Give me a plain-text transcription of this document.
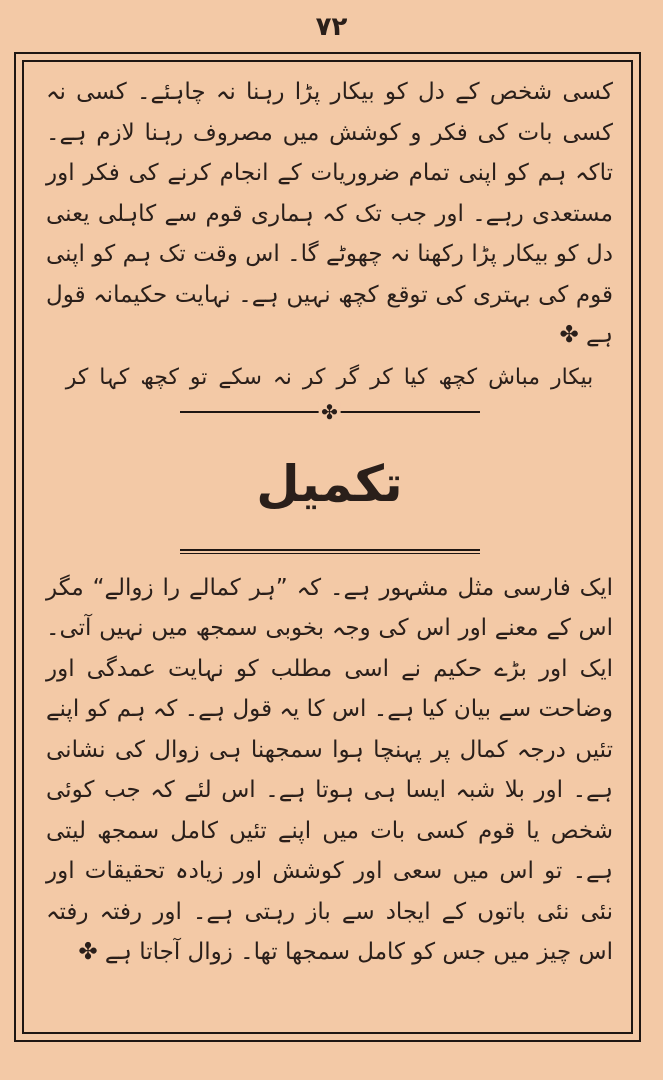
۷۲

کسی شخص کے دل کو بیکار پڑا رہنا نہ چاہئے۔ کسی نہ کسی بات کی فکر و کوشش میں مصروف رہنا لازم ہے۔ تاکہ ہم کو اپنی تمام ضروریات کے انجام کرنے کی فکر اور مستعدی رہے۔ اور جب تک کہ ہماری قوم سے کاہلی یعنی دل کو بیکار پڑا رکھنا نہ چھوٹے گا۔ اس وقت تک ہم کو اپنی قوم کی بہتری کی توقع کچھ نہیں ہے۔ نہایت حکیمانہ قول ہے ✤

بیکار مباش کچھ کیا کر گر کر نہ سکے تو کچھ کہا کر

✤
تکمیل

ایک فارسی مثل مشہور ہے۔ کہ ”ہر کمالے را زوالے“ مگر اس کے معنے اور اس کی وجہ بخوبی سمجھ میں نہیں آتی۔ ایک اور بڑے حکیم نے اسی مطلب کو نہایت عمدگی اور وضاحت سے بیان کیا ہے۔ اس کا یہ قول ہے۔ کہ ہم کو اپنے تئیں درجہ کمال پر پہنچا ہوا سمجھنا ہی زوال کی نشانی ہے۔ اور بلا شبہ ایسا ہی ہوتا ہے۔ اس لئے کہ جب کوئی شخص یا قوم کسی بات میں اپنے تئیں کامل سمجھ لیتی ہے۔ تو اس میں سعی اور کوشش اور زیادہ تحقیقات اور نئی نئی باتوں کے ایجاد سے باز رہتی ہے۔ اور رفتہ رفتہ اس چیز میں جس کو کامل سمجھا تھا۔ زوال آجاتا ہے ✤
